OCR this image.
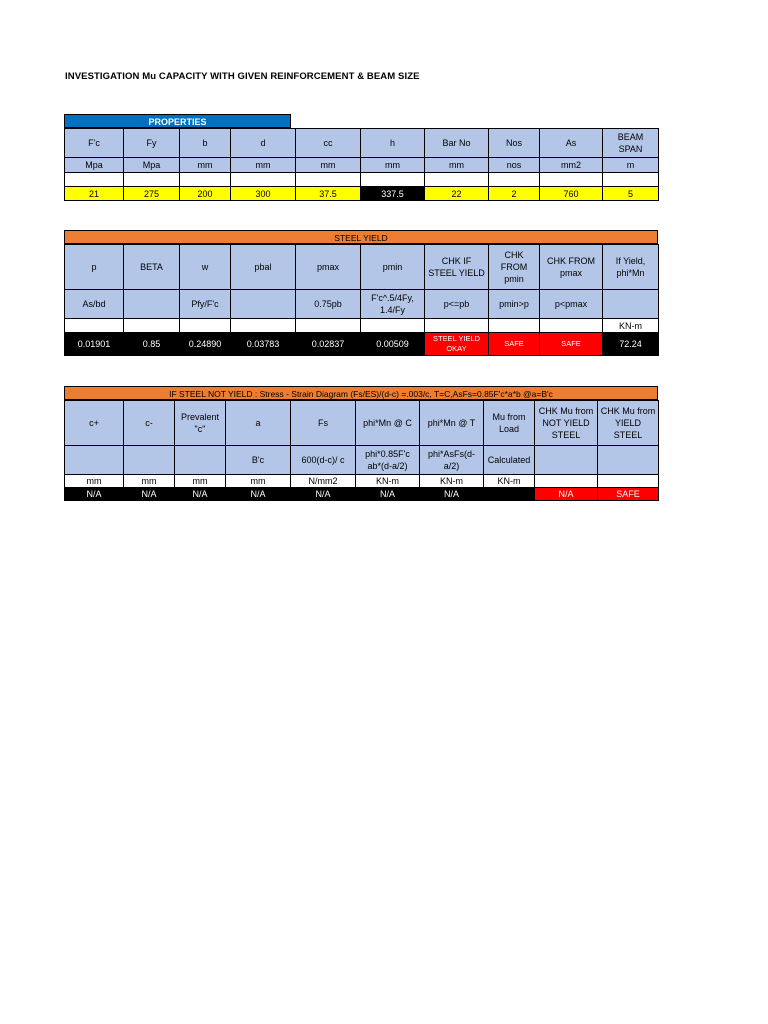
INVESTIGATION Mu CAPACITY WITH GIVEN REINFORCEMENT & BEAM SIZE
PROPERTIES
F'c	Fy	b	d	cc	h	Bar No	Nos	As	BEAM SPAN
Mpa	Mpa	mm	mm	mm	mm	mm	nos	mm2	m

21	275	200	300	37.5	337.5	22	2	760	5
STEEL YIELD
p	BETA	w	pbal	pmax	pmin	CHK IF STEEL YIELD	CHK FROM pmin	CHK FROM pmax	If Yield, phi*Mn
As/bd		Pfy/F'c		0.75pb	F'c^.5/4Fy, 1.4/Fy	p<=pb	pmin>p	p<pmax	
									KN-m
0.01901	0.85	0.24890	0.03783	0.02837	0.00509	STEEL YIELD OKAY	SAFE	SAFE	72.24
IF STEEL NOT YIELD : Stress - Strain Diagram (Fs/ES)/(d-c) =.003/c, T=C,AsFs=0.85F'c*a*b @a=B'c
c+	c-	Prevalent "c"	a	Fs	phi*Mn @ C	phi*Mn @ T	Mu from Load	CHK Mu from NOT YIELD STEEL	CHK Mu from YIELD STEEL
			B'c	600(d-c)/ c	phi*0.85F'c ab*(d-a/2)	phi*AsFs(d-a/2)	Calculated		
mm	mm	mm	mm	N/mm2	KN-m	KN-m	KN-m		
N/A	N/A	N/A	N/A	N/A	N/A	N/A		N/A	SAFE
